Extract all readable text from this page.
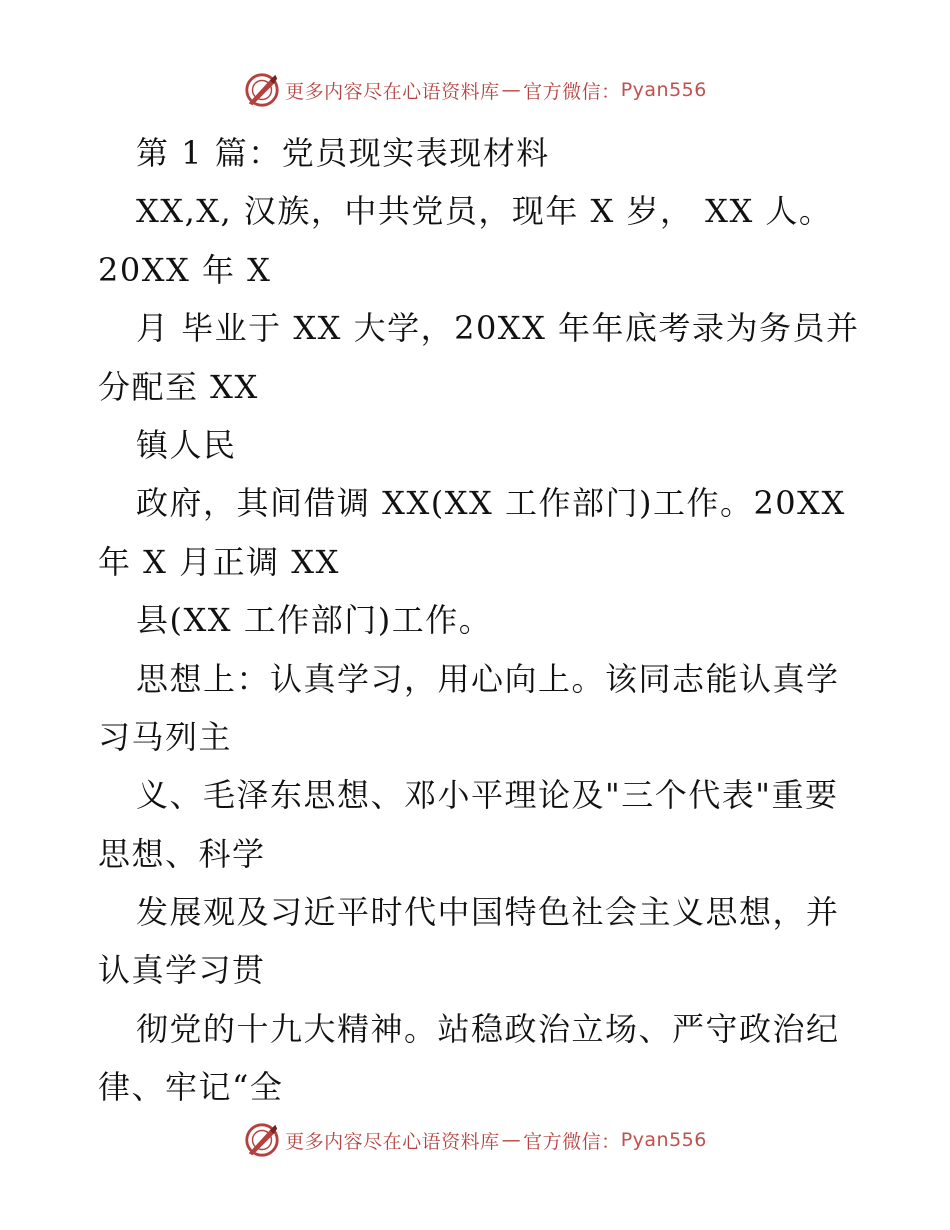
更多内容尽在心语资料库 — 官方微信： Pyan556
第 1 篇：党员现实表现材料
XX,X, 汉族，中共党员，现年 X 岁， XX 人。
20XX 年 X
月 毕业于 XX 大学，20XX 年年底考录为务员并
分配至 XX
镇人民
政府，其间借调 XX(XX 工作部门)工作。20XX
年 X 月正调 XX
县(XX 工作部门)工作。
思想上：认真学习，用心向上。该同志能认真学
习马列主
义、毛泽东思想、邓小平理论及"三个代表"重要
思想、科学
发展观及习近平时代中国特色社会主义思想，并
认真学习贯
彻党的十九大精神。站稳政治立场、严守政治纪
律、牢记“全
更多内容尽在心语资料库 — 官方微信： Pyan556
